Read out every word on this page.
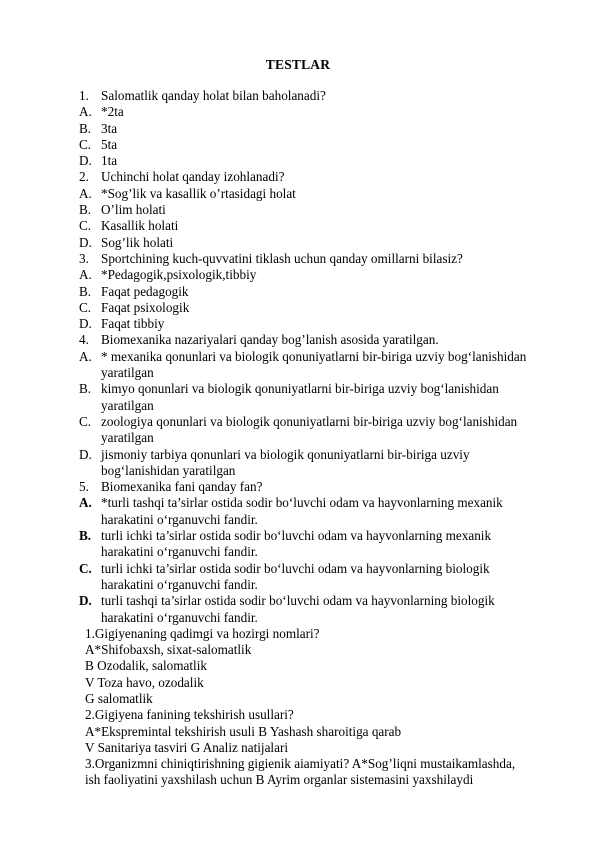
TESTLAR
1. Salomatlik qanday holat bilan baholanadi?
A. *2ta
B. 3ta
C. 5ta
D. 1ta
2. Uchinchi holat qanday izohlanadi?
A. *Sog’lik va kasallik o’rtasidagi holat
B. O’lim holati
C. Kasallik holati
D. Sog’lik holati
3. Sportchining kuch-quvvatini tiklash uchun qanday omillarni bilasiz?
A. *Pedagogik,psixologik,tibbiy
B. Faqat pedagogik
C. Faqat psixologik
D. Faqat tibbiy
4. Biomexanika nazariyalari qanday bog’lanish asosida yaratilgan.
A. * mexanika qonunlari va biologik qonuniyatlarni bir-biriga uzviy bog‘lanishidan
yaratilgan
B. kimyo qonunlari va biologik qonuniyatlarni bir-biriga uzviy bog‘lanishidan
yaratilgan
C. zoologiya qonunlari va biologik qonuniyatlarni bir-biriga uzviy bog‘lanishidan
yaratilgan
D. jismoniy tarbiya qonunlari va biologik qonuniyatlarni bir-biriga uzviy
bog‘lanishidan yaratilgan
5. Biomexanika fani qanday fan?
A. *turli tashqi ta’sirlar ostida sodir bo‘luvchi odam va hayvonlarning mexanik
harakatini o‘rganuvchi fandir.
B. turli ichki ta’sirlar ostida sodir bo‘luvchi odam va hayvonlarning mexanik
harakatini o‘rganuvchi fandir.
C. turli ichki ta’sirlar ostida sodir bo‘luvchi odam va hayvonlarning biologik
harakatini o‘rganuvchi fandir.
D. turli tashqi ta’sirlar ostida sodir bo‘luvchi odam va hayvonlarning biologik
harakatini o‘rganuvchi fandir.
1.Gigiyenaning qadimgi va hozirgi nomlari?
A*Shifobaxsh, sixat-salomatlik
B Ozodalik, salomatlik
V Toza havo, ozodalik
G salomatlik
2.Gigiyena fanining tekshirish usullari?
A*Ekspremintal tekshirish usuli B Yashash sharoitiga qarab
V Sanitariya tasviri G Analiz natijalari
3.Organizmni chiniqtirishning gigienik aiamiyati? A*Sog’liqni mustaikamlashda,
ish faoliyatini yaxshilash uchun B Ayrim organlar sistemasini yaxshilaydi
